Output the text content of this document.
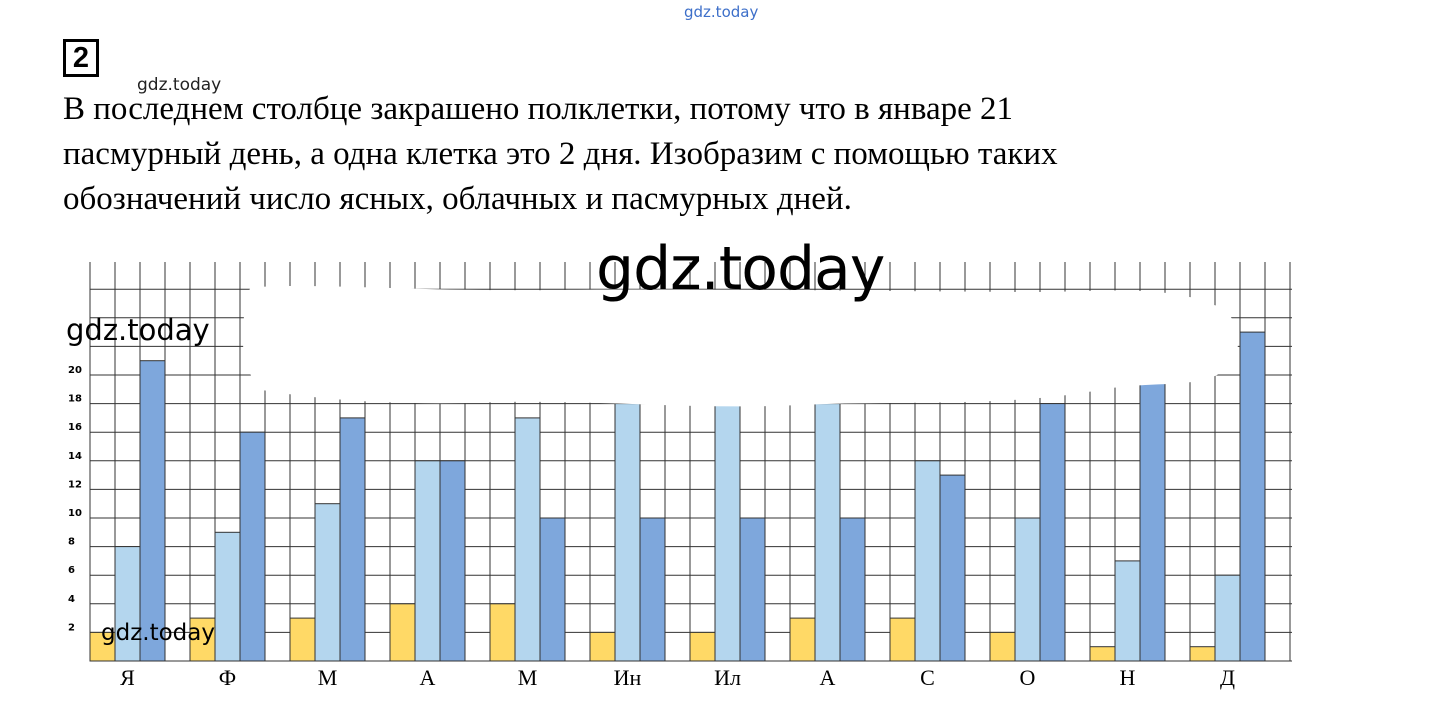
gdz.today
2
gdz.today
В последнем столбце закрашено полклетки, потому что в январе 21
пасмурный день, а одна клетка это 2 дня. Изобразим с помощью таких
обозначений число ясных, облачных и пасмурных дней.
Я	Ф	М	А	М	Ин	Ил	А	С	О	Н	Д
2
4
6
8
10
12
14
16
18
20
gdz.today
gdz.today
gdz.today
